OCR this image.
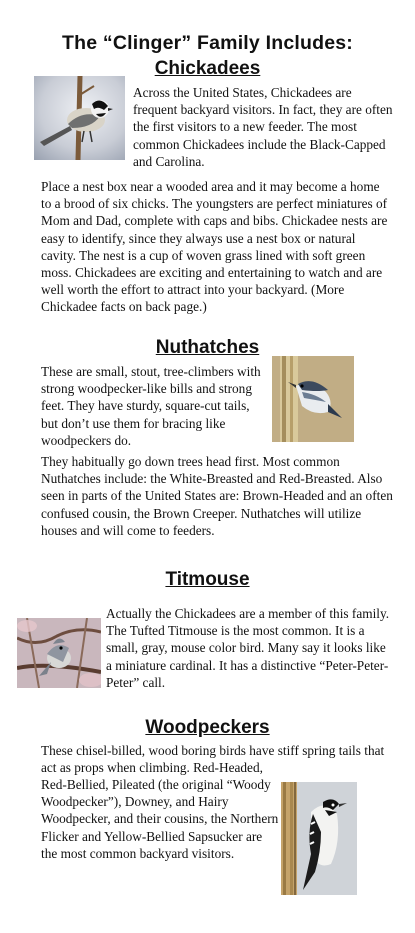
The “Clinger” Family Includes:
Chickadees

Across the United States, Chickadees are frequent backyard visitors. In fact, they are often the first visitors to a new feeder. The most common Chickadees include the Black-Capped and Carolina.

Place a nest box near a wooded area and it may become a home to a brood of six chicks. The youngsters are perfect miniatures of Mom and Dad, complete with caps and bibs. Chickadee nests are easy to identify, since they always use a nest box or natural cavity. The nest is a cup of woven grass lined with soft green moss. Chickadees are exciting and entertaining to watch and are well worth the effort to attract into your backyard. (More Chickadee facts on back page.)

Nuthatches

These are small, stout, tree-climbers with strong woodpecker-like bills and strong feet. They have sturdy, square-cut tails, but don’t use them for bracing like woodpeckers do.

They habitually go down trees head first. Most common Nuthatches include: the White-Breasted and Red-Breasted. Also seen in parts of the United States are: Brown-Headed and an often confused cousin, the Brown Creeper. Nuthatches will utilize houses and will come to feeders.

Titmouse

Actually the Chickadees are a member of this family. The Tufted Titmouse is the most common. It is a small, gray, mouse color bird. Many say it looks like a miniature cardinal. It has a distinctive “Peter-Peter-Peter” call.

Woodpeckers

These chisel-billed, wood boring birds have stiff spring tails that act as props when climbing. Red-Headed,

Red-Bellied, Pileated (the original “Woody Woodpecker”), Downey, and Hairy Woodpecker, and their cousins, the Northern Flicker and Yellow-Bellied Sapsucker are the most common backyard visitors.
